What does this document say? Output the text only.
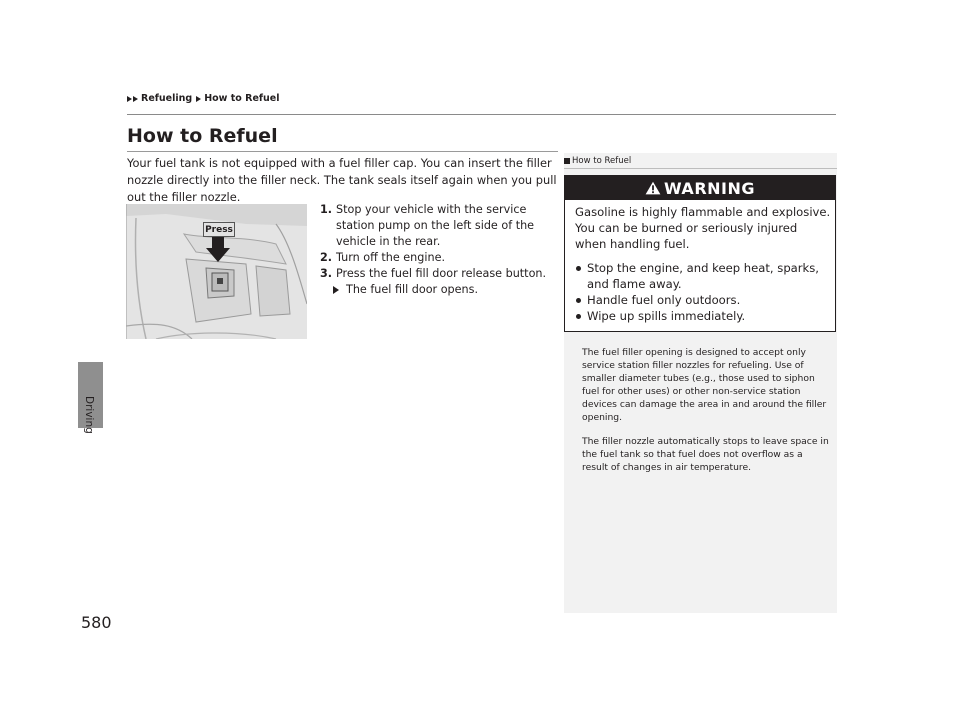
Refueling How to Refuel
Driving
580
How to Refuel
Your fuel tank is not equipped with a fuel filler cap. You can insert the filler nozzle directly into the filler neck. The tank seals itself again when you pull out the filler nozzle.
Press
1. Stop your vehicle with the service station pump on the left side of the vehicle in the rear.
2. Turn off the engine.
3. Press the fuel fill door release button.
The fuel fill door opens.
How to Refuel
WARNING
Gasoline is highly flammable and explosive. You can be burned or seriously injured when handling fuel.
Stop the engine, and keep heat, sparks, and flame away.
Handle fuel only outdoors.
Wipe up spills immediately.

The fuel filler opening is designed to accept only service station filler nozzles for refueling. Use of smaller diameter tubes (e.g., those used to siphon fuel for other uses) or other non-service station devices can damage the area in and around the filler opening.

The filler nozzle automatically stops to leave space in the fuel tank so that fuel does not overflow as a result of changes in air temperature.
